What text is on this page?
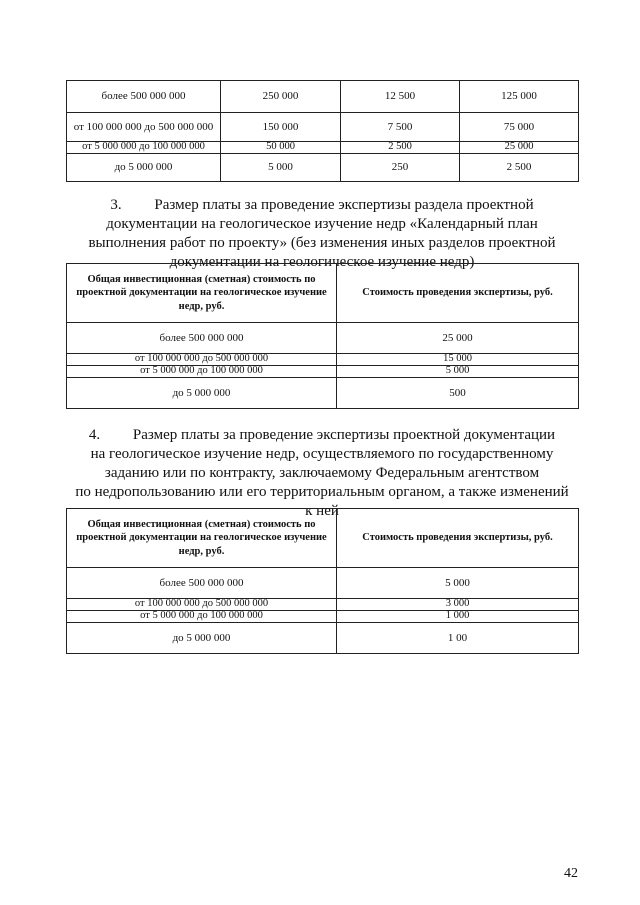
более 500 000 000	250 000	12 500	125 000
от 100 000 000 до 500 000 000	150 000	7 500	75 000
от 5 000 000 до 100 000 000	50 000	2 500	25 000
до 5 000 000	5 000	250	2 500
3. Размер платы за проведение экспертизы раздела проектной
документации на геологическое изучение недр «Календарный план
выполнения работ по проекту» (без изменения иных разделов проектной
документации на геологическое изучение недр)
Общая инвестиционная (сметная) стоимость по проектной документации на геологическое изучение недр, руб.	Стоимость проведения экспертизы, руб.
более 500 000 000	25 000
от 100 000 000 до 500 000 000	15 000
от 5 000 000 до 100 000 000	5 000
до 5 000 000	500
4. Размер платы за проведение экспертизы проектной документации
на геологическое изучение недр, осуществляемого по государственному
заданию или по контракту, заключаемому Федеральным агентством
по недропользованию или его территориальным органом, а также изменений
к ней
Общая инвестиционная (сметная) стоимость по проектной документации на геологическое изучение недр, руб.	Стоимость проведения экспертизы, руб.
более 500 000 000	5 000
от 100 000 000 до 500 000 000	3 000
от 5 000 000 до 100 000 000	1 000
до 5 000 000	1 00
42
